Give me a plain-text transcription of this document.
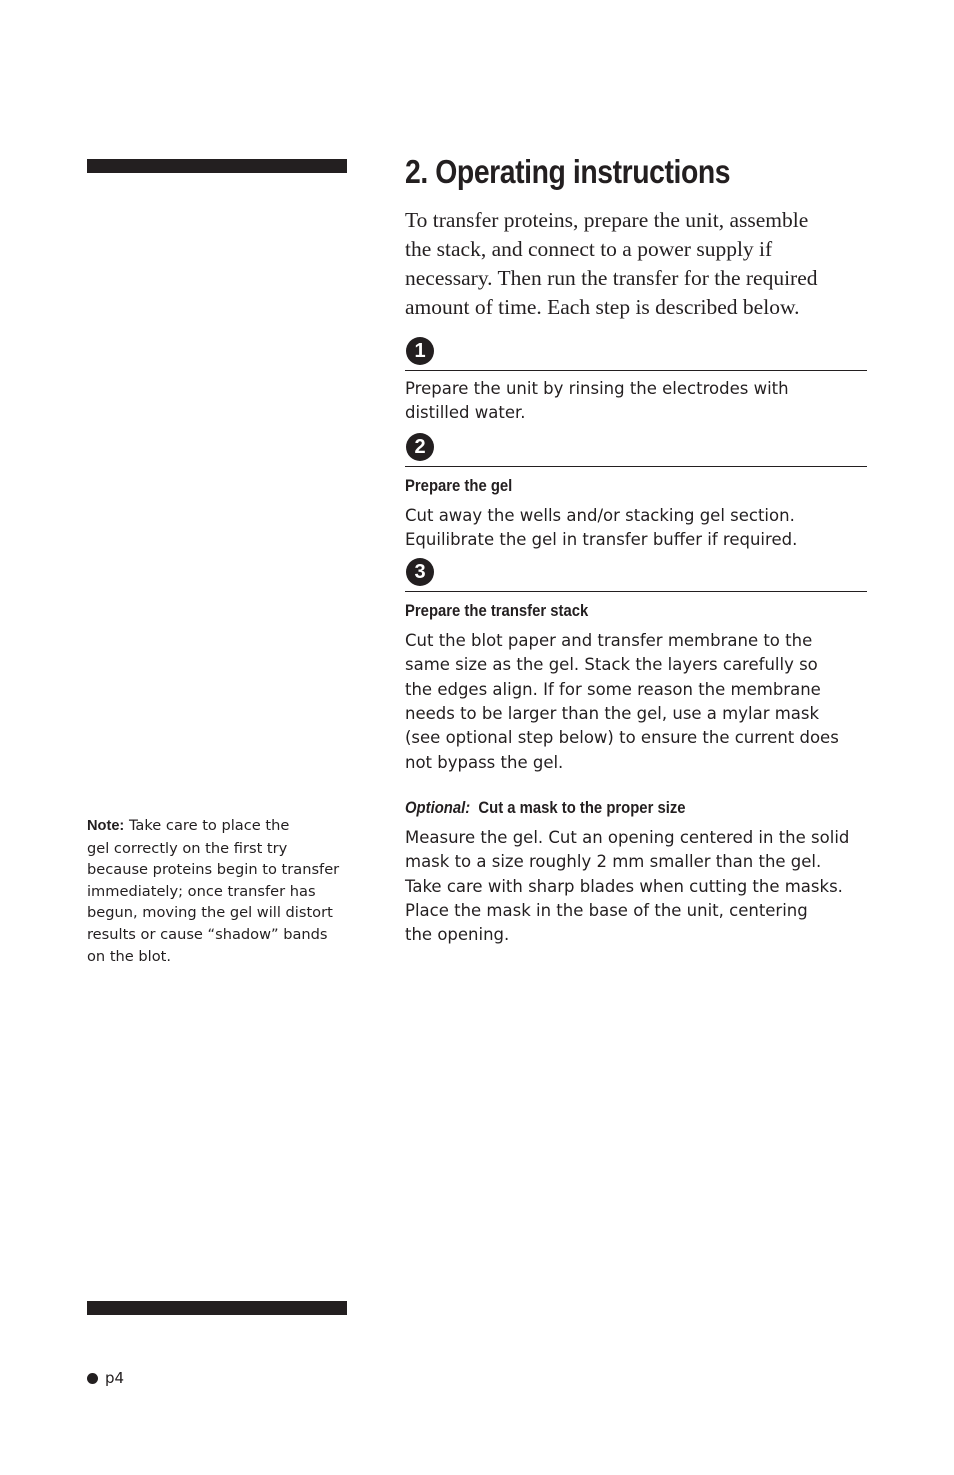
2. Operating instructions

To transfer proteins, prepare the unit, assemble
the stack, and connect to a power supply if
necessary. Then run the transfer for the required
amount of time. Each step is described below.

1

Prepare the unit by rinsing the electrodes with
distilled water.

2
Prepare the gel

Cut away the wells and/or stacking gel section.
Equilibrate the gel in transfer buffer if required.

3
Prepare the transfer stack

Cut the blot paper and transfer membrane to the
same size as the gel. Stack the layers carefully so
the edges align. If for some reason the membrane
needs to be larger than the gel, use a mylar mask
(see optional step below) to ensure the current does
not bypass the gel.

Optional: Cut a mask to the proper size

Measure the gel. Cut an opening centered in the solid
mask to a size roughly 2 mm smaller than the gel.
Take care with sharp blades when cutting the masks.
Place the mask in the base of the unit, centering
the opening.

Note: Take care to place the
gel correctly on the first try
because proteins begin to transfer
immediately; once transfer has
begun, moving the gel will distort
results or cause “shadow” bands
on the blot.

p4
